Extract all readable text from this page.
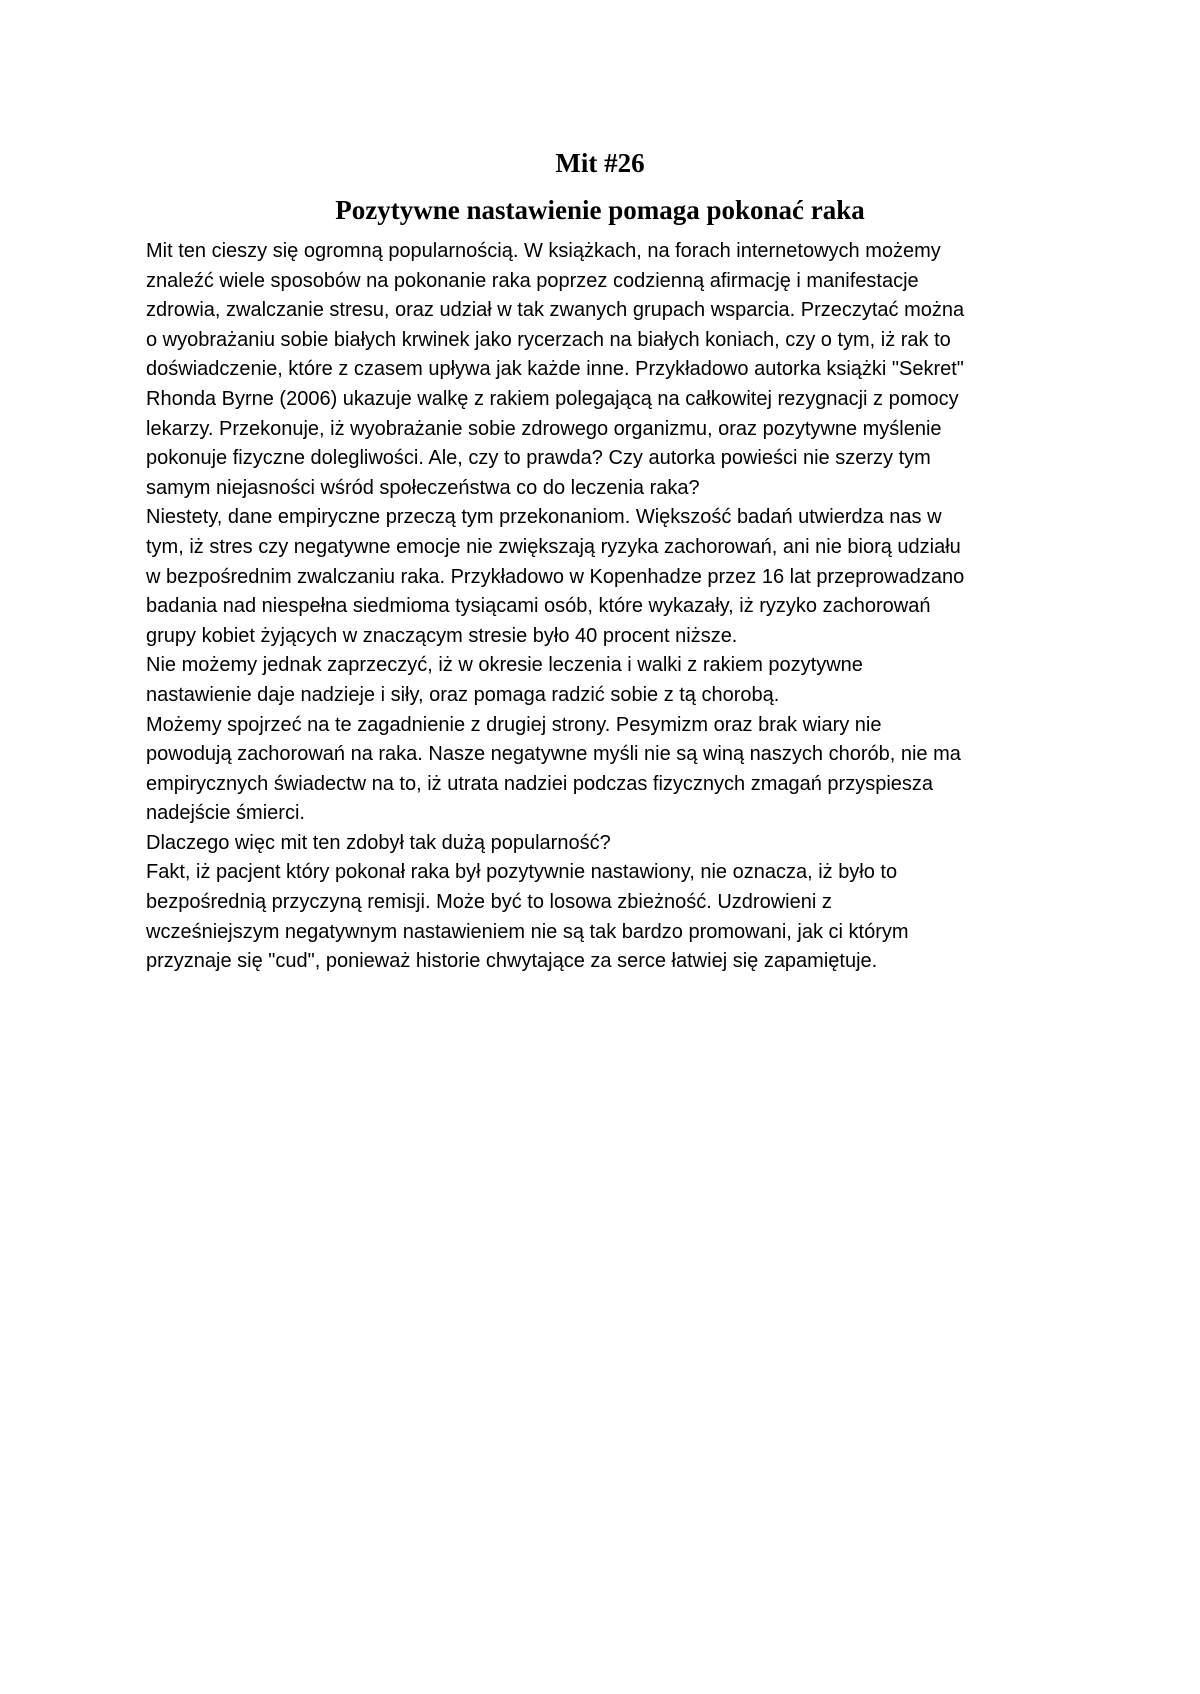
Mit #26
Pozytywne nastawienie pomaga pokonać raka

Mit ten cieszy się ogromną popularnością. W książkach, na forach internetowych możemy
znaleźć wiele sposobów na pokonanie raka poprzez codzienną afirmację i manifestacje
zdrowia, zwalczanie stresu, oraz udział w tak zwanych grupach wsparcia. Przeczytać można
o wyobrażaniu sobie białych krwinek jako rycerzach na białych koniach, czy o tym, iż rak to
doświadczenie, które z czasem upływa jak każde inne. Przykładowo autorka książki "Sekret"
Rhonda Byrne (2006) ukazuje walkę z rakiem polegającą na całkowitej rezygnacji z pomocy
lekarzy. Przekonuje, iż wyobrażanie sobie zdrowego organizmu, oraz pozytywne myślenie
pokonuje fizyczne dolegliwości. Ale, czy to prawda? Czy autorka powieści nie szerzy tym
samym niejasności wśród społeczeństwa co do leczenia raka?

Niestety, dane empiryczne przeczą tym przekonaniom. Większość badań utwierdza nas w
tym, iż stres czy negatywne emocje nie zwiększają ryzyka zachorowań, ani nie biorą udziału
w bezpośrednim zwalczaniu raka. Przykładowo w Kopenhadze przez 16 lat przeprowadzano
badania nad niespełna siedmioma tysiącami osób, które wykazały, iż ryzyko zachorowań
grupy kobiet żyjących w znaczącym stresie było 40 procent niższe.

Nie możemy jednak zaprzeczyć, iż w okresie leczenia i walki z rakiem pozytywne
nastawienie daje nadzieje i siły, oraz pomaga radzić sobie z tą chorobą.

Możemy spojrzeć na te zagadnienie z drugiej strony. Pesymizm oraz brak wiary nie
powodują zachorowań na raka. Nasze negatywne myśli nie są winą naszych chorób, nie ma
empirycznych świadectw na to, iż utrata nadziei podczas fizycznych zmagań przyspiesza
nadejście śmierci.

Dlaczego więc mit ten zdobył tak dużą popularność?

Fakt, iż pacjent który pokonał raka był pozytywnie nastawiony, nie oznacza, iż było to
bezpośrednią przyczyną remisji. Może być to losowa zbieżność. Uzdrowieni z
wcześniejszym negatywnym nastawieniem nie są tak bardzo promowani, jak ci którym
przyznaje się "cud", ponieważ historie chwytające za serce łatwiej się zapamiętuje.
